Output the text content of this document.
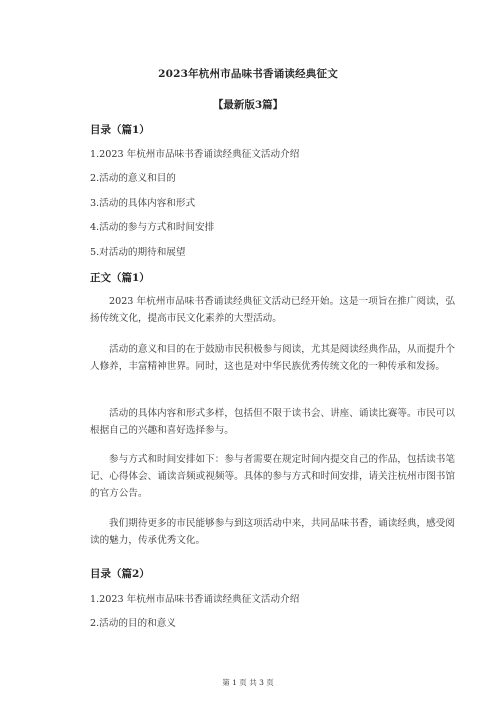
2023年杭州市品味书香诵读经典征文
【最新版3篇】
目录（篇1）
1.2023 年杭州市品味书香诵读经典征文活动介绍
2.活动的意义和目的
3.活动的具体内容和形式
4.活动的参与方式和时间安排
5.对活动的期待和展望
正文（篇1）
2023 年杭州市品味书香诵读经典征文活动已经开始。这是一项旨在推广阅读，弘扬传统文化，提高市民文化素养的大型活动。
活动的意义和目的在于鼓励市民积极参与阅读，尤其是阅读经典作品，从而提升个人修养，丰富精神世界。同时，这也是对中华民族优秀传统文化的一种传承和发扬。
活动的具体内容和形式多样，包括但不限于读书会、讲座、诵读比赛等。市民可以根据自己的兴趣和喜好选择参与。
参与方式和时间安排如下：参与者需要在规定时间内提交自己的作品，包括读书笔记、心得体会、诵读音频或视频等。具体的参与方式和时间安排，请关注杭州市图书馆的官方公告。
我们期待更多的市民能够参与到这项活动中来，共同品味书香，诵读经典，感受阅读的魅力，传承优秀文化。
目录（篇2）
1.2023 年杭州市品味书香诵读经典征文活动介绍
2.活动的目的和意义
第 1 页 共 3 页
